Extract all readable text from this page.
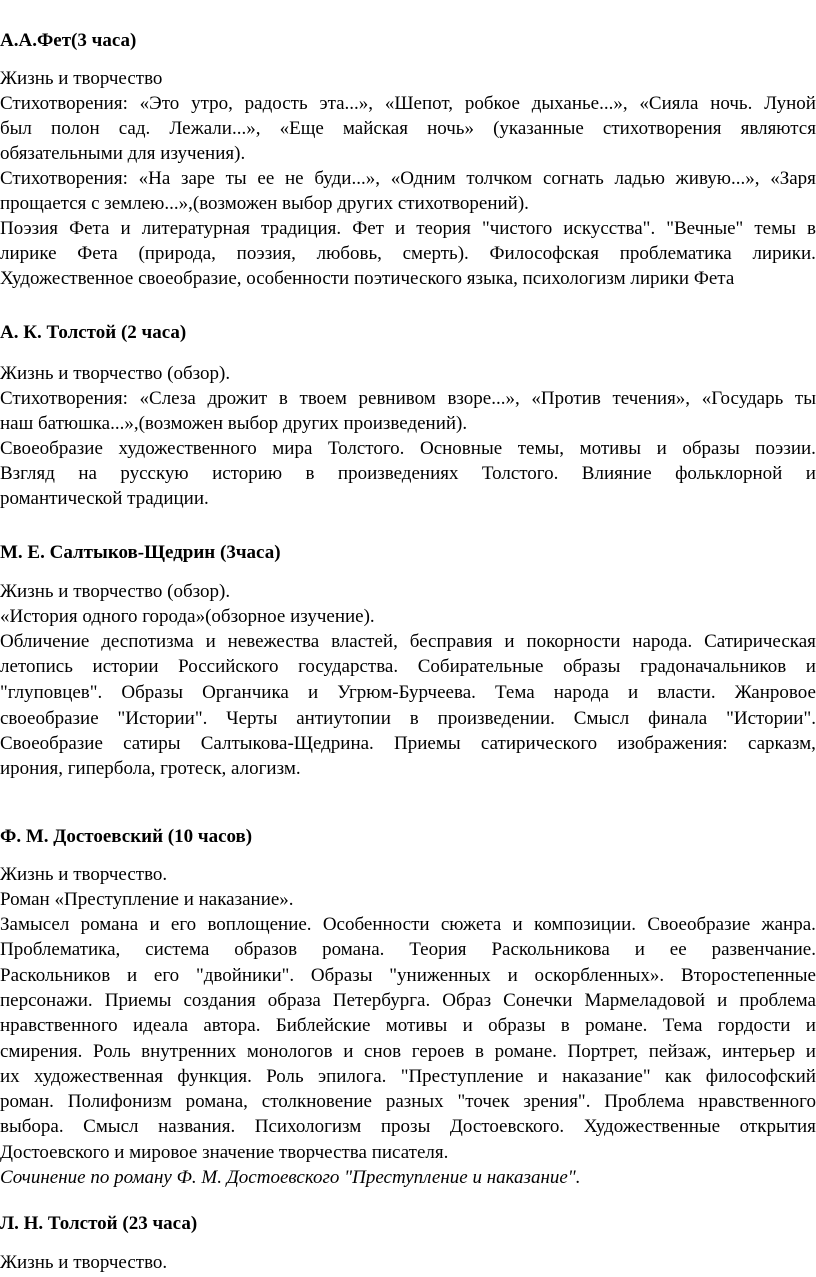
А.А.Фет(3 часа)
Жизнь и творчество
Стихотворения: «Это утро, радость эта...», «Шепот, робкое дыханье...», «Сияла ночь. Луной
был полон сад. Лежали...», «Еще майская ночь» (указанные стихотворения являются
обязательными для изучения).
Стихотворения: «На заре ты ее не буди...», «Одним толчком согнать ладью живую...», «Заря
прощается с землею...»,(возможен выбор других стихотворений).
Поэзия Фета и литературная традиция. Фет и теория "чистого искусства". "Вечные" темы в
лирике Фета (природа, поэзия, любовь, смерть). Философская проблематика лирики.
Художественное своеобразие, особенности поэтического языка, психологизм лирики Фета
А. К. Толстой (2 часа)
Жизнь и творчество (обзор).
Стихотворения: «Слеза дрожит в твоем ревнивом взоре...», «Против течения», «Государь ты
наш батюшка...»,(возможен выбор других произведений).
Своеобразие художественного мира Толстого. Основные темы, мотивы и образы поэзии.
Взгляд на русскую историю в произведениях Толстого. Влияние фольклорной и
романтической традиции.
М. Е. Салтыков-Щедрин (3часа)
Жизнь и творчество (обзор).
«История одного города»(обзорное изучение).
Обличение деспотизма и невежества властей, бесправия и покорности народа. Сатирическая
летопись истории Российского государства. Собирательные образы градоначальников и
"глуповцев". Образы Органчика и Угрюм-Бурчеева. Тема народа и власти. Жанровое
своеобразие "Истории". Черты антиутопии в произведении. Смысл финала "Истории".
Своеобразие сатиры Салтыкова-Щедрина. Приемы сатирического изображения: сарказм,
ирония, гипербола, гротеск, алогизм.
Ф. М. Достоевский (10 часов)
Жизнь и творчество.
Роман «Преступление и наказание».
Замысел романа и его воплощение. Особенности сюжета и композиции. Своеобразие жанра.
Проблематика, система образов романа. Теория Раскольникова и ее развенчание.
Раскольников и его "двойники". Образы "униженных и оскорбленных». Второстепенные
персонажи. Приемы создания образа Петербурга. Образ Сонечки Мармеладовой и проблема
нравственного идеала автора. Библейские мотивы и образы в романе. Тема гордости и
смирения. Роль внутренних монологов и снов героев в романе. Портрет, пейзаж, интерьер и
их художественная функция. Роль эпилога. "Преступление и наказание" как философский
роман. Полифонизм романа, столкновение разных "точек зрения". Проблема нравственного
выбора. Смысл названия. Психологизм прозы Достоевского. Художественные открытия
Достоевского и мировое значение творчества писателя.
Сочинение по роману Ф. М. Достоевского "Преступление и наказание".
Л. Н. Толстой (23 часа)
Жизнь и творчество.
